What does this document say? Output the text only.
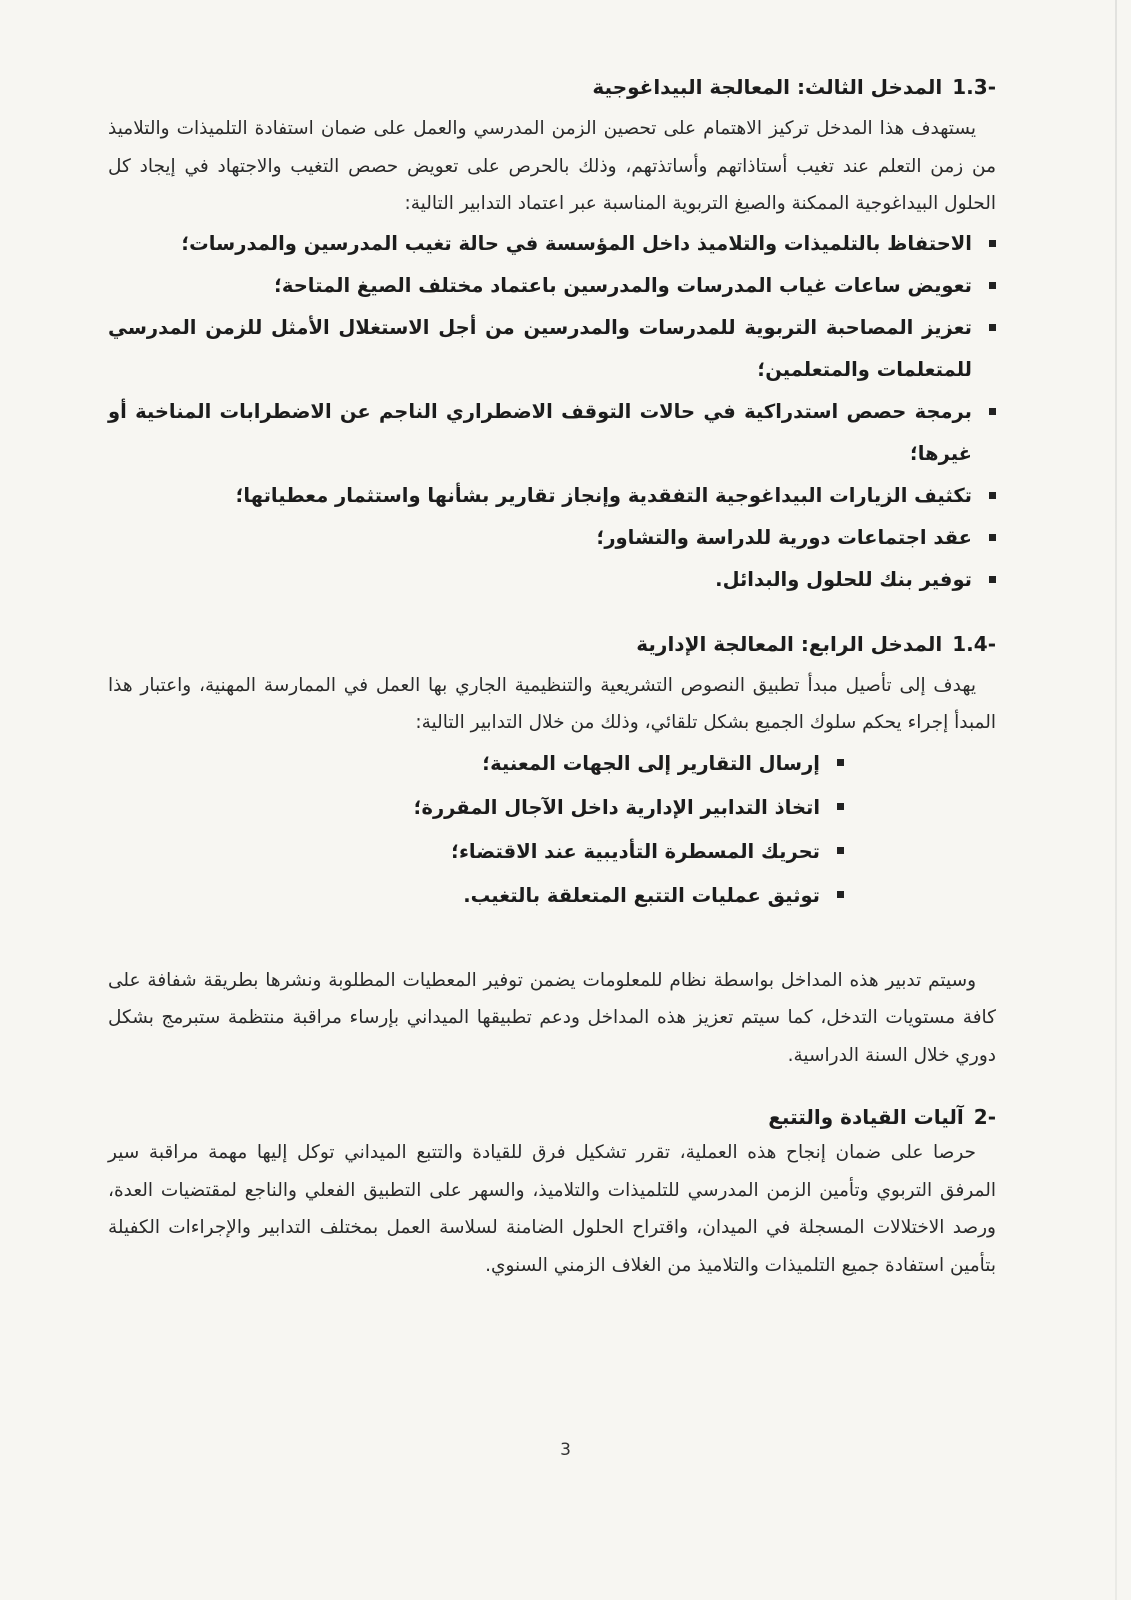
1.3-
المدخل الثالث: المعالجة البيداغوجية

يستهدف هذا المدخل تركيز الاهتمام على تحصين الزمن المدرسي والعمل على ضمان استفادة التلميذات والتلاميذ من زمن التعلم عند تغيب أستاذاتهم وأساتذتهم، وذلك بالحرص على تعويض حصص التغيب والاجتهاد في إيجاد كل الحلول البيداغوجية الممكنة والصيغ التربوية المناسبة عبر اعتماد التدابير التالية:

الاحتفاظ بالتلميذات والتلاميذ داخل المؤسسة في حالة تغيب المدرسين والمدرسات؛
تعويض ساعات غياب المدرسات والمدرسين باعتماد مختلف الصيغ المتاحة؛
تعزيز المصاحبة التربوية للمدرسات والمدرسين من أجل الاستغلال الأمثل للزمن المدرسي للمتعلمات والمتعلمين؛
برمجة حصص استدراكية في حالات التوقف الاضطراري الناجم عن الاضطرابات المناخية أو غيرها؛
تكثيف الزيارات البيداغوجية التفقدية وإنجاز تقارير بشأنها واستثمار معطياتها؛
عقد اجتماعات دورية للدراسة والتشاور؛
توفير بنك للحلول والبدائل.
1.4-
المدخل الرابع: المعالجة الإدارية

يهدف إلى تأصيل مبدأ تطبيق النصوص التشريعية والتنظيمية الجاري بها العمل في الممارسة المهنية، واعتبار هذا المبدأ إجراء يحكم سلوك الجميع بشكل تلقائي، وذلك من خلال التدابير التالية:

إرسال التقارير إلى الجهات المعنية؛
اتخاذ التدابير الإدارية داخل الآجال المقررة؛
تحريك المسطرة التأديبية عند الاقتضاء؛
توثيق عمليات التتبع المتعلقة بالتغيب.

وسيتم تدبير هذه المداخل بواسطة نظام للمعلومات يضمن توفير المعطيات المطلوبة ونشرها بطريقة شفافة على كافة مستويات التدخل، كما سيتم تعزيز هذه المداخل ودعم تطبيقها الميداني بإرساء مراقبة منتظمة ستبرمج بشكل دوري خلال السنة الدراسية.

2-
آليات القيادة والتتبع

حرصا على ضمان إنجاح هذه العملية، تقرر تشكيل فرق للقيادة والتتبع الميداني توكل إليها مهمة مراقبة سير المرفق التربوي وتأمين الزمن المدرسي للتلميذات والتلاميذ، والسهر على التطبيق الفعلي والناجع لمقتضيات العدة، ورصد الاختلالات المسجلة في الميدان، واقتراح الحلول الضامنة لسلاسة العمل بمختلف التدابير والإجراءات الكفيلة بتأمين استفادة جميع التلميذات والتلاميذ من الغلاف الزمني السنوي.

3
